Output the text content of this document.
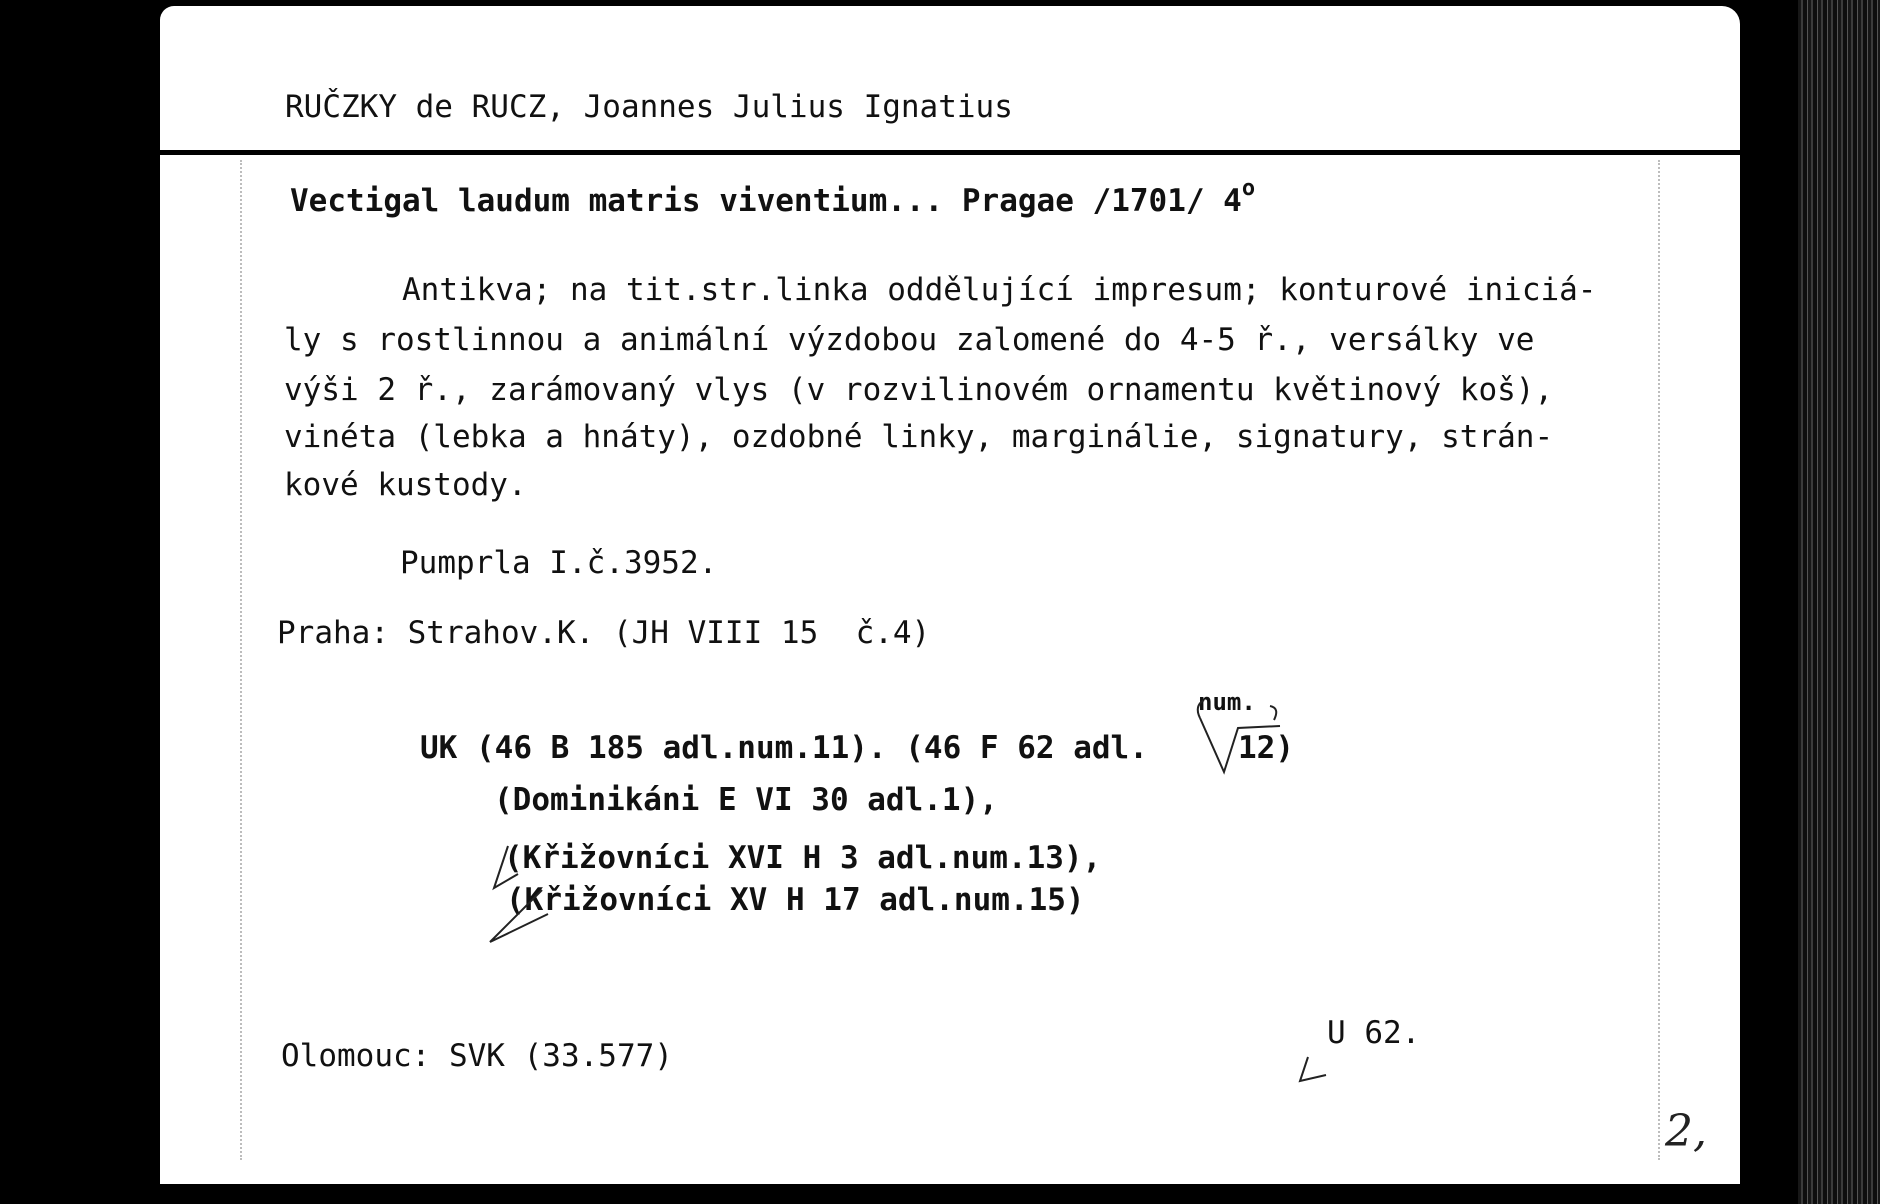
RUČZKY de RUCZ, Joannes Julius Ignatius
Vectigal laudum matris viventium... Pragae /1701/ 4$^o$
Antikva; na tit.str.linka oddělující impresum; konturové iniciá-
ly s rostlinnou a animální výzdobou zalomené do 4-5 ř., versálky ve
výši 2 ř., zarámovaný vlys (v rozvilinovém ornamentu květinový koš),
vinéta (lebka a hnáty), ozdobné linky, marginálie, signatury, strán-
kové kustody.
Pumprla I.č.3952.
Praha: Strahov.K. (JH VIII 15  č.4)
UK (46 B 185 adl.num.11). (46 F 62 adl.	12)
num.
(Dominikáni E VI 30 adl.1),
(Křižovníci XVI H 3 adl.num.13),
(Křižovníci XV H 17 adl.num.15)
Olomouc: SVK (33.577)
U 62.
2,
